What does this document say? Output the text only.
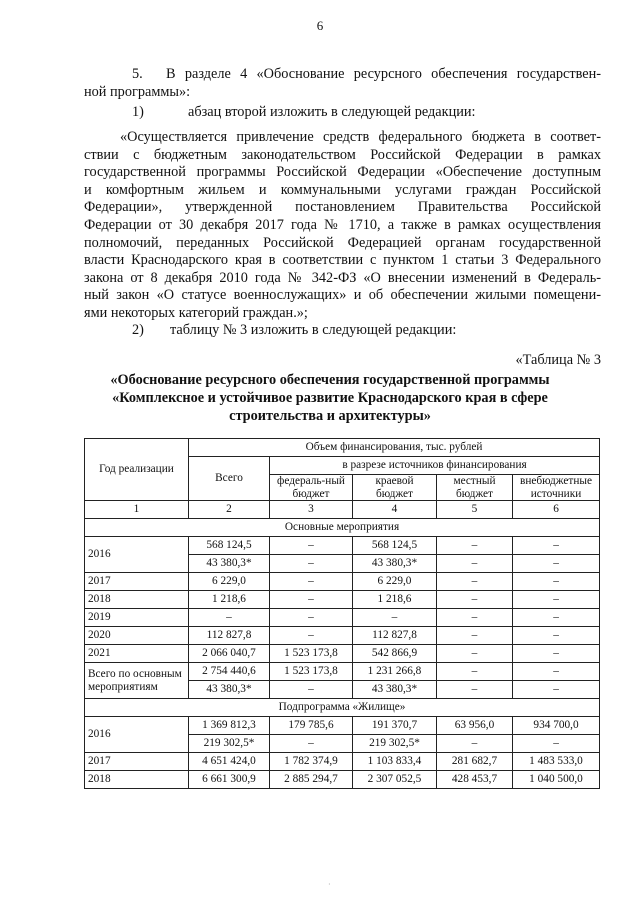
6
5. В разделе 4 «Обоснование ресурсного обеспечения государствен-
ной программы»:
1)	абзац второй изложить в следующей редакции:
«Осуществляется привлечение средств федерального бюджета в соответ-
ствии с бюджетным законодательством Российской Федерации в рамках
государственной программы Российской Федерации «Обеспечение доступным
и комфортным жильем и коммунальными услугами граждан Российской
Федерации», утвержденной постановлением Правительства Российской
Федерации от 30 декабря 2017 года № 1710, а также в рамках осуществления
полномочий, переданных Российской Федерацией органам государственной
власти Краснодарского края в соответствии с пунктом 1 статьи 3 Федерального
закона от 8 декабря 2010 года № 342-ФЗ «О внесении изменений в Федераль-
ный закон «О статусе военнослужащих» и об обеспечении жилыми помещени-
ями некоторых категорий граждан.»;
2) таблицу № 3 изложить в следующей редакции:
«Таблица № 3
«Обоснование ресурсного обеспечения государственной программы
«Комплексное и устойчивое развитие Краснодарского края в сфере
строительства и архитектуры»
Год реализации	Объем финансирования, тыс. рублей				
	Всего	в разрезе источников финансирования			
		федераль-ный бюджет	краевой бюджет	местный бюджет	внебюджетные источники
1	2	3	4	5	6
Основные мероприятия					
2016	568 124,5	–	568 124,5	–	–
	43 380,3*	–	43 380,3*	–	–
2017	6 229,0	–	6 229,0	–	–
2018	1 218,6	–	1 218,6	–	–
2019	–	–	–	–	–
2020	112 827,8	–	112 827,8	–	–
2021	2 066 040,7	1 523 173,8	542 866,9	–	–
Всего по основным мероприятиям	2 754 440,6	1 523 173,8	1 231 266,8	–	–
	43 380,3*	–	43 380,3*	–	–
Подпрограмма «Жилище»					
2016	1 369 812,3	179 785,6	191 370,7	63 956,0	934 700,0
	219 302,5*	–	219 302,5*	–	–
2017	4 651 424,0	1 782 374,9	1 103 833,4	281 682,7	1 483 533,0
2018	6 661 300,9	2 885 294,7	2 307 052,5	428 453,7	1 040 500,0
·
